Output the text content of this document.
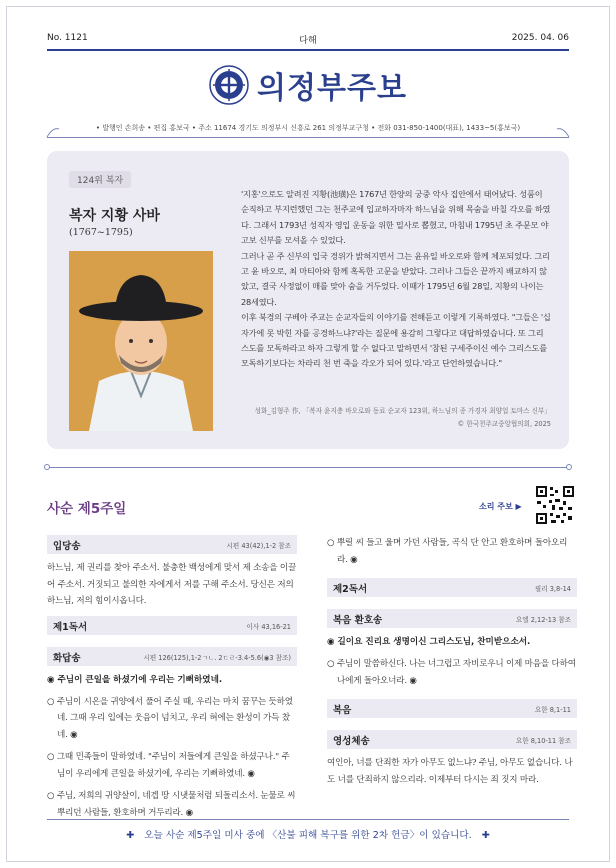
No. 1121	다해	2025. 04. 06
의정부주보
• 발행인 손희송 • 편집 홍보국 • 주소 11674 경기도 의정부시 신흥로 261 의정부교구청 • 전화 031-850-1400(대표), 1433~5(홍보국)
124위 복자
복자 지황 사바
(1767~1795)

'지홍'으로도 알려진 지황(池璜)은 1767년 한양의 궁중 악사 집안에서 태어났다. 성품이 순직하고 부지런했던 그는 천주교에 입교하자마자 하느님을 위해 목숨을 바칠 각오를 하였다. 그래서 1793년 성직자 영입 운동을 위한 밀사로 뽑혔고, 마침내 1795년 초 주문모 야고보 신부를 모셔올 수 있었다.

그러나 곧 주 신부의 입국 경위가 밝혀지면서 그는 윤유일 바오로와 함께 체포되었다. 그리고 윤 바오로, 최 마티아와 함께 혹독한 고문을 받았다. 그러나 그들은 끝까지 배교하지 않았고, 결국 사정없이 매를 맞아 숨을 거두었다. 이때가 1795년 6월 28일, 지황의 나이는 28세였다.

이후 북경의 구베아 주교는 순교자들의 이야기를 전해듣고 이렇게 기록하였다. "그들은 '십자가에 못 박힌 자를 공경하느냐?'라는 질문에 용감히 그렇다고 대답하였습니다. 또 그리스도를 모독하라고 하자 그렇게 할 수 없다고 말하면서 '참된 구세주이신 예수 그리스도를 모독하기보다는 차라리 천 번 죽을 각오가 되어 있다.'라고 단언하였습니다."

성화_김형주 作, 「복자 윤지충 바오로와 동료 순교자 123위, 하느님의 종 가경자 최양업 토마스 신부」
© 한국천주교중앙협의회, 2025
사순 제5주일	소리 주보 ▶
입당송	시편 43(42),1-2 참조
하느님, 제 권리를 찾아 주소서. 불충한 백성에게 맞서 제 소송을 이끌어 주소서. 거짓되고 불의한 자에게서 저를 구해 주소서. 당신은 저의 하느님, 저의 힘이시옵니다.
제1독서	이사 43,16-21
화답송	시편 126(125),1-2ㄱㄴ. 2ㄷㄹ-3.4-5.6(◉3 참조)
◉ 주님이 큰일을 하셨기에 우리는 기뻐하였네.
○ 주님이 시온을 귀양에서 풀어 주실 때, 우리는 마치 꿈꾸는 듯하였네. 그때 우리 입에는 웃음이 넘치고, 우리 혀에는 환성이 가득 찼네. ◉
○ 그때 민족들이 말하였네. "주님이 저들에게 큰일을 하셨구나." 주님이 우리에게 큰일을 하셨기에, 우리는 기뻐하였네. ◉
○ 주님, 저희의 귀양살이, 네겝 땅 시냇물처럼 되돌리소서. 눈물로 씨 뿌리던 사람들, 환호하며 거두리라. ◉
○ 뿌릴 씨 들고 울며 가던 사람들, 곡식 단 안고 환호하며 돌아오리라. ◉
제2독서	필리 3,8-14
복음 환호송	요엘 2,12-13 참조
◉ 길이요 진리요 생명이신 그리스도님, 찬미받으소서.
○ 주님이 말씀하신다. 나는 너그럽고 자비로우니 이제 마음을 다하여 나에게 돌아오너라. ◉
복음	요한 8,1-11
영성체송	요한 8,10-11 참조
여인아, 너를 단죄한 자가 아무도 없느냐? 주님, 아무도 없습니다. 나도 너를 단죄하지 않으리라. 이제부터 다시는 죄 짓지 마라.
✚ 오늘 사순 제5주일 미사 중에 〈산불 피해 복구를 위한 2차 헌금〉이 있습니다. ✚
